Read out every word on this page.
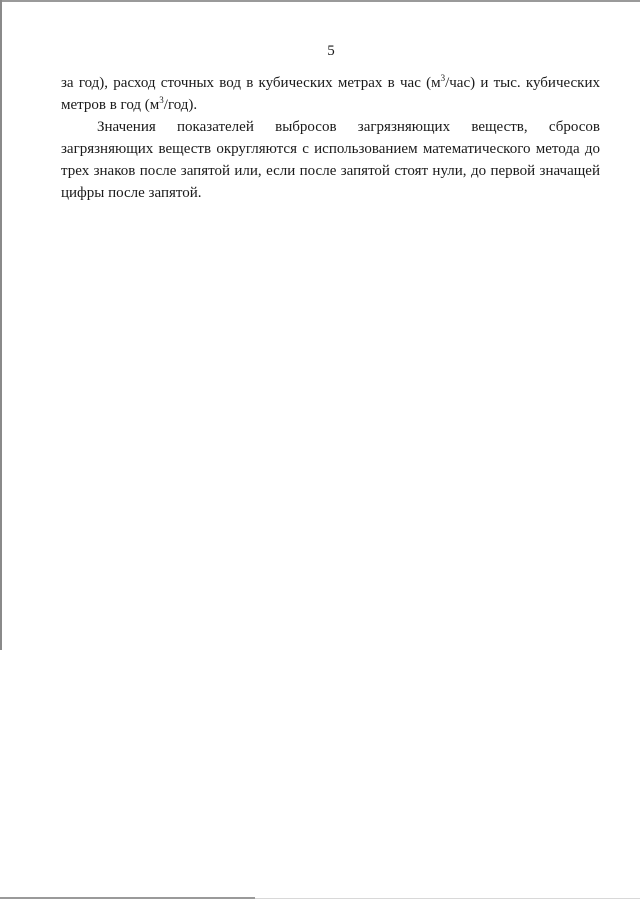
5

за год), расход сточных вод в кубических метрах в час $(м^3/час)$ и тыс. кубических метров в год $(м^3/год)$.

Значения показателей выбросов загрязняющих веществ, сбросов загрязняющих веществ округляются с использованием математического метода до трех знаков после запятой или, если после запятой стоят нули, до первой значащей цифры после запятой.
